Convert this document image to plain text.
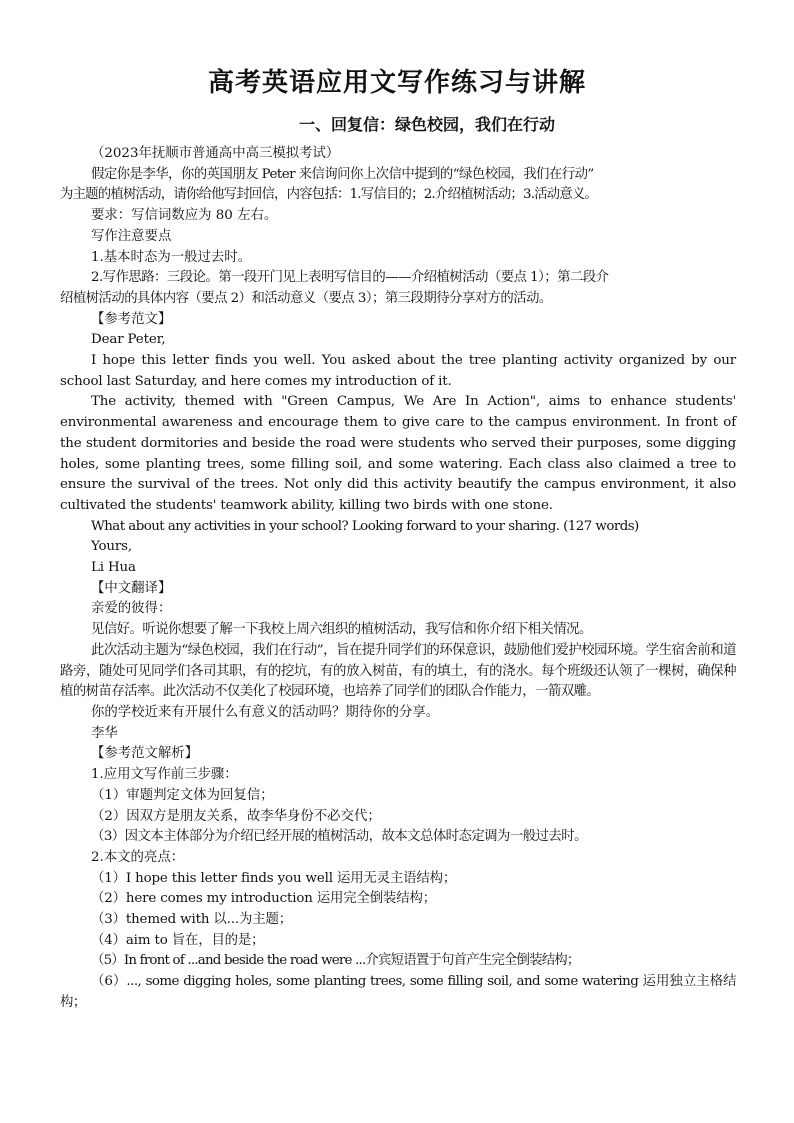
高考英语应用文写作练习与讲解
一、回复信：绿色校园，我们在行动

（2023年抚顺市普通高中高三模拟考试）

假定你是李华，你的英国朋友 Peter 来信询问你上次信中提到的“绿色校园，我们在行动”

为主题的植树活动，请你给他写封回信，内容包括：1.写信目的；2.介绍植树活动；3.活动意义。

要求：写信词数应为 80 左右。

写作注意要点

1.基本时态为一般过去时。

2.写作思路：三段论。第一段开门见上表明写信目的——介绍植树活动（要点 1）；第二段介

绍植树活动的具体内容（要点 2）和活动意义（要点 3）；第三段期待分享对方的活动。

【参考范文】

Dear Peter,

I hope this letter finds you well. You asked about the tree planting activity organized by our school last Saturday, and here comes my introduction of it.

The activity, themed with "Green Campus, We Are In Action", aims to enhance students' environmental awareness and encourage them to give care to the campus environment. In front of the student dormitories and beside the road were students who served their purposes, some digging holes, some planting trees, some filling soil, and some watering. Each class also claimed a tree to ensure the survival of the trees. Not only did this activity beautify the campus environment, it also cultivated the students' teamwork ability, killing two birds with one stone.

What about any activities in your school? Looking forward to your sharing. (127 words)

Yours,

Li Hua

【中文翻译】

亲爱的彼得：

见信好。听说你想要了解一下我校上周六组织的植树活动，我写信和你介绍下相关情况。

此次活动主题为“绿色校园，我们在行动”，旨在提升同学们的环保意识，鼓励他们爱护校园环境。学生宿舍前和道路旁，随处可见同学们各司其职，有的挖坑，有的放入树苗，有的填土，有的浇水。每个班级还认领了一棵树，确保种植的树苗存活率。此次活动不仅美化了校园环境，也培养了同学们的团队合作能力，一箭双雕。

你的学校近来有开展什么有意义的活动吗？期待你的分享。

李华

【参考范文解析】

1.应用文写作前三步骤：

（1）审题判定文体为回复信；

（2）因双方是朋友关系，故李华身份不必交代；

（3）因文本主体部分为介绍已经开展的植树活动，故本文总体时态定调为一般过去时。

2.本文的亮点：

（1）I hope this letter finds you well 运用无灵主语结构；

（2）here comes my introduction 运用完全倒装结构；

（3）themed with 以...为主题；

（4）aim to 旨在，目的是；

（5）In front of ...and beside the road were ...介宾短语置于句首产生完全倒装结构；

（6）..., some digging holes, some planting trees, some filling soil, and some watering 运用独立主格结构；
